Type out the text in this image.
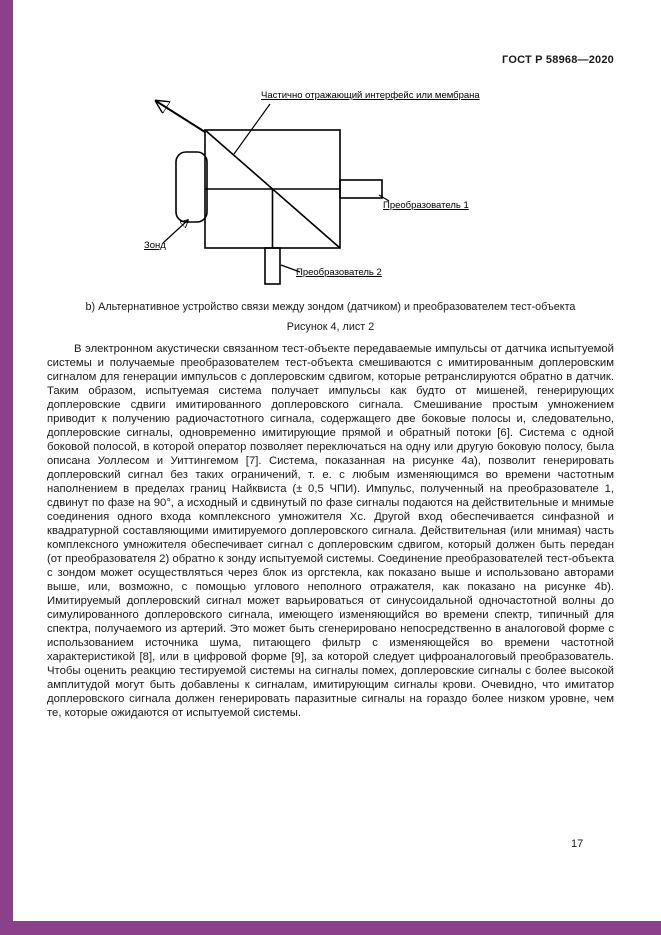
ГОСТ Р 58968—2020
Частично отражающий интерфейс или мембрана
Преобразователь 1
Преобразователь 2
Зонд
b) Альтернативное устройство связи между зондом (датчиком) и преобразователем тест-объекта
Рисунок 4, лист 2
В электронном акустически связанном тест-объекте передаваемые импульсы от датчика испытуемой системы и получаемые преобразователем тест-объекта смешиваются с имитированным доплеровским сигналом для генерации импульсов с доплеровским сдвигом, которые ретранслируются обратно в датчик. Таким образом, испытуемая система получает импульсы как будто от мишеней, генерирующих доплеровские сдвиги имитированного доплеровского сигнала. Смешивание простым умножением приводит к получению радиочастотного сигнала, содержащего две боковые полосы и, следовательно, доплеровские сигналы, одновременно имитирующие прямой и обратный потоки [6]. Система с одной боковой полосой, в которой оператор позволяет переключаться на одну или другую боковую полосу, была описана Уоллесом и Уиттингемом [7]. Система, показанная на рисунке 4а), позволит генерировать доплеровский сигнал без таких ограничений, т. е. с любым изменяющимся во времени частотным наполнением в пределах границ Найквиста (± 0,5 ЧПИ). Импульс, полученный на преобразователе 1, сдвинут по фазе на 90°, а исходный и сдвинутый по фазе сигналы подаются на действительные и мнимые соединения одного входа комплексного умножителя Хс. Другой вход обеспечивается синфазной и квадратурной составляющими имитируемого доплеровского сигнала. Действительная (или мнимая) часть комплексного умножителя обеспечивает сигнал с доплеровским сдвигом, который должен быть передан (от преобразователя 2) обратно к зонду испытуемой системы. Соединение преобразователей тест-объекта с зондом может осуществляться через блок из оргстекла, как показано выше и использовано авторами выше, или, возможно, с помощью углового неполного отражателя, как показано на рисунке 4b). Имитируемый доплеровский сигнал может варьироваться от синусоидальной одночастотной волны до симулированного доплеровского сигнала, имеющего изменяющийся во времени спектр, типичный для спектра, получаемого из артерий. Это может быть сгенерировано непосредственно в аналоговой форме с использованием источника шума, питающего фильтр с изменяющейся во времени частотной характеристикой [8], или в цифровой форме [9], за которой следует цифроаналоговый преобразователь. Чтобы оценить реакцию тестируемой системы на сигналы помех, доплеровские сигналы с более высокой амплитудой могут быть добавлены к сигналам, имитирующим сигналы крови. Очевидно, что имитатор доплеровского сигнала должен генерировать паразитные сигналы на гораздо более низком уровне, чем те, которые ожидаются от испытуемой системы.
17
